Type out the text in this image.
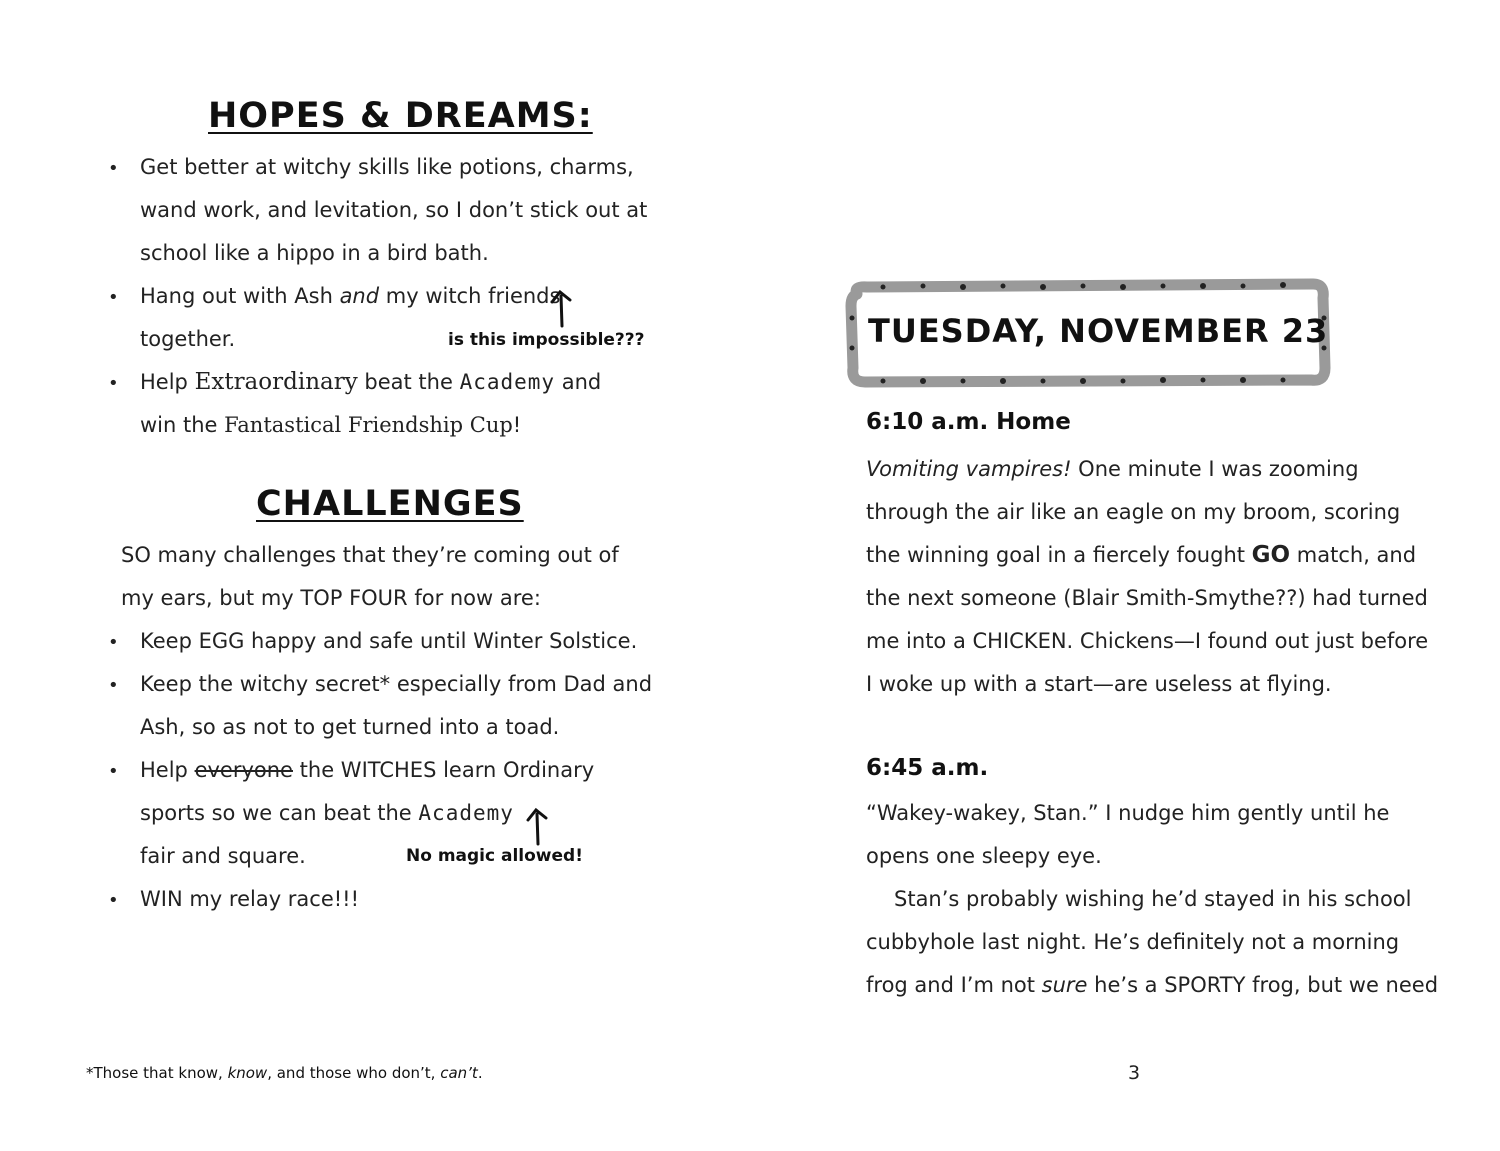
HOPES & DREAMS:
• Get better at witchy skills like potions, charms,
wand work, and levitation, so I don’t stick out at
school like a hippo in a bird bath.
• Hang out with Ash and my witch friends
together.	is this impossible???
• Help Extraordinary beat the Academy and
win the Fantastical Friendship Cup!
CHALLENGES
SO many challenges that they’re coming out of
my ears, but my TOP FOUR for now are:
• Keep EGG happy and safe until Winter Solstice.
• Keep the witchy secret* especially from Dad and
Ash, so as not to get turned into a toad.
• Help everyone the WITCHES learn Ordinary
sports so we can beat the Academy
fair and square.	No magic allowed!
• WIN my relay race!!!
*Those that know, know, and those who don’t, can’t.
TUESDAY, NOVEMBER 23
6:10 a.m. Home
Vomiting vampires! One minute I was zooming
through the air like an eagle on my broom, scoring
the winning goal in a fiercely fought GO match, and
the next someone (Blair Smith-Smythe??) had turned
me into a CHICKEN. Chickens—I found out just before
I woke up with a start—are useless at flying.
6:45 a.m.
“Wakey-wakey, Stan.” I nudge him gently until he
opens one sleepy eye.
Stan’s probably wishing he’d stayed in his school
cubbyhole last night. He’s definitely not a morning
frog and I’m not sure he’s a SPORTY frog, but we need
3
